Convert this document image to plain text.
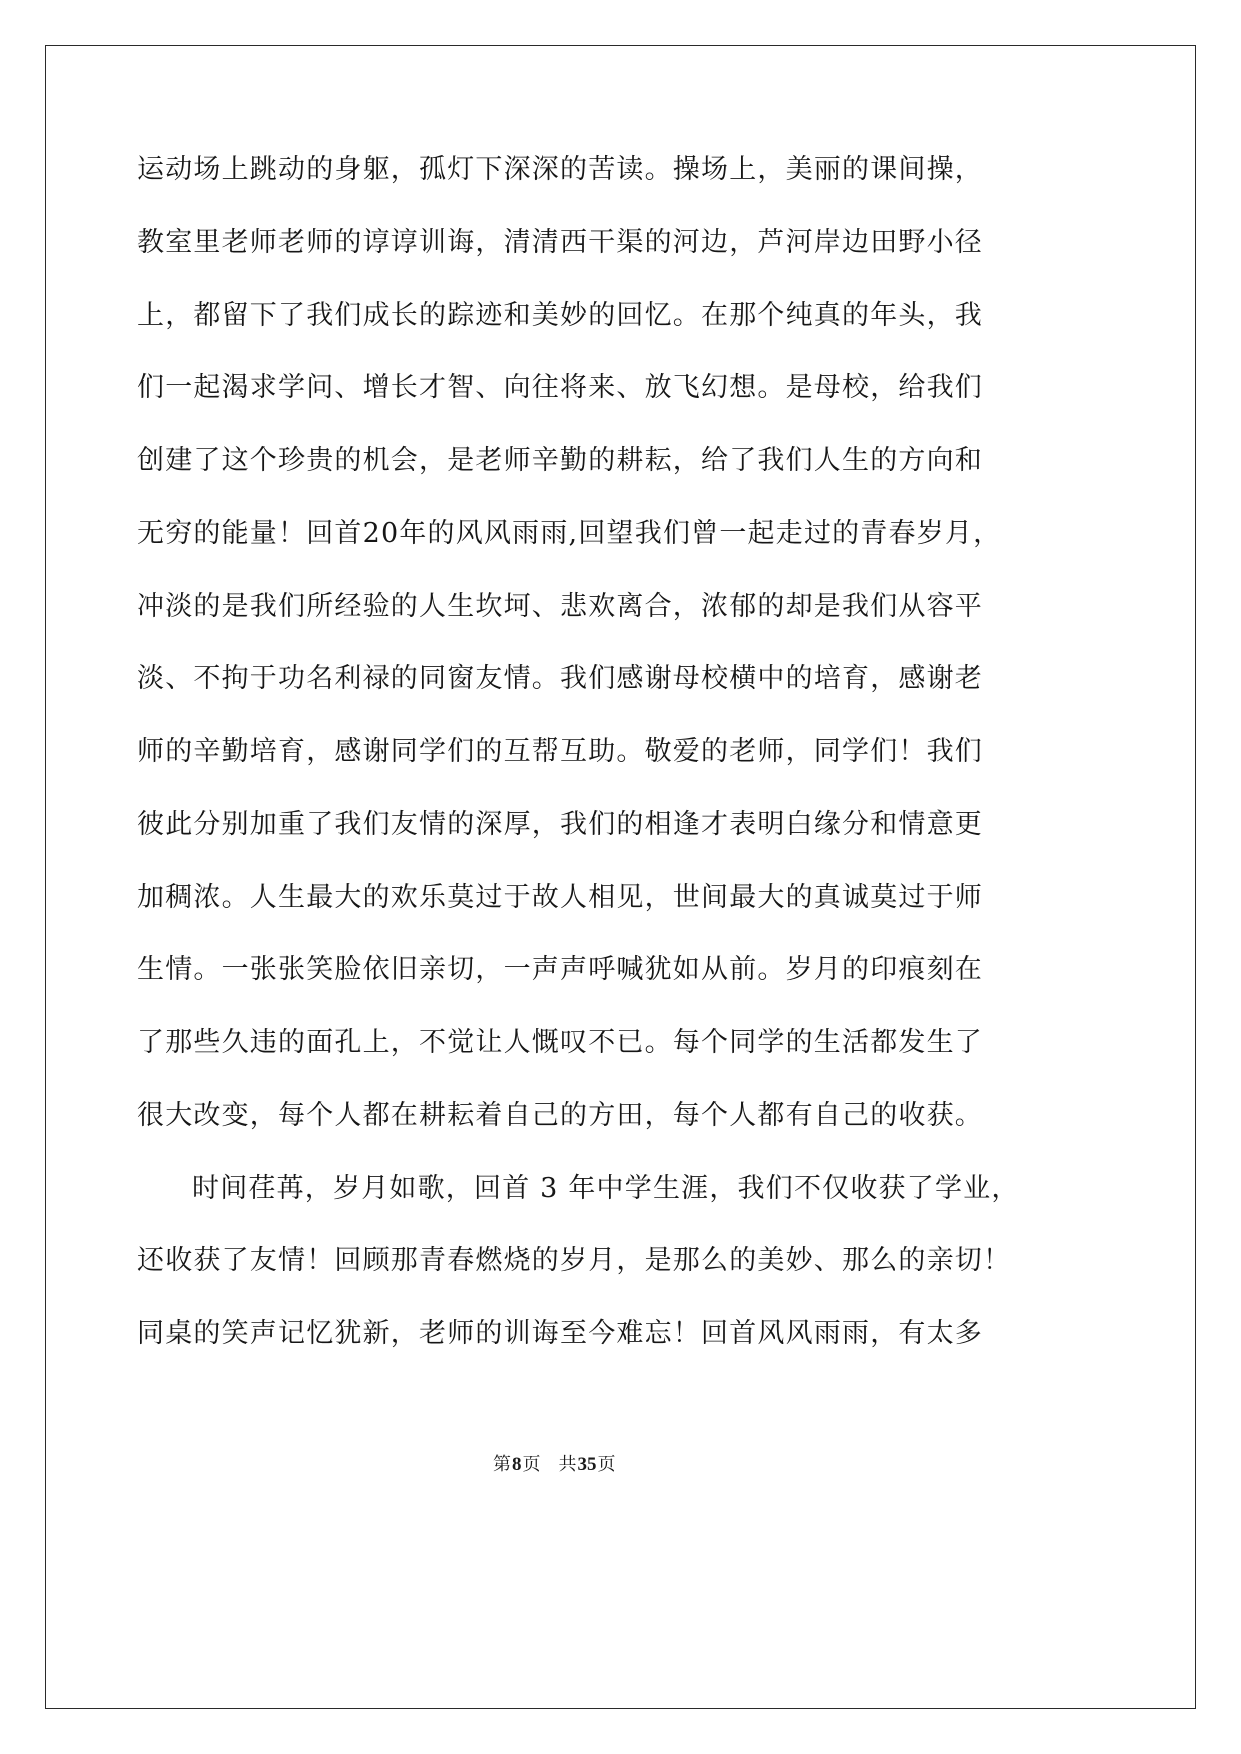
运动场上跳动的身躯，孤灯下深深的苦读。操场上，美丽的课间操，
教室里老师老师的谆谆训诲，清清西干渠的河边，芦河岸边田野小径
上，都留下了我们成长的踪迹和美妙的回忆。在那个纯真的年头，我
们一起渴求学问、增长才智、向往将来、放飞幻想。是母校，给我们
创建了这个珍贵的机会，是老师辛勤的耕耘，给了我们人生的方向和
无穷的能量！回首20年的风风雨雨,回望我们曾一起走过的青春岁月，
冲淡的是我们所经验的人生坎坷、悲欢离合，浓郁的却是我们从容平
淡、不拘于功名利禄的同窗友情。我们感谢母校横中的培育，感谢老
师的辛勤培育，感谢同学们的互帮互助。敬爱的老师，同学们！我们
彼此分别加重了我们友情的深厚，我们的相逢才表明白缘分和情意更
加稠浓。人生最大的欢乐莫过于故人相见，世间最大的真诚莫过于师
生情。一张张笑脸依旧亲切，一声声呼喊犹如从前。岁月的印痕刻在
了那些久违的面孔上，不觉让人慨叹不已。每个同学的生活都发生了
很大改变，每个人都在耕耘着自己的方田，每个人都有自己的收获。
时间荏苒，岁月如歌，回首 3 年中学生涯，我们不仅收获了学业，
还收获了友情！回顾那青春燃烧的岁月，是那么的美妙、那么的亲切！
同桌的笑声记忆犹新，老师的训诲至今难忘！回首风风雨雨，有太多
第8页 共35页
